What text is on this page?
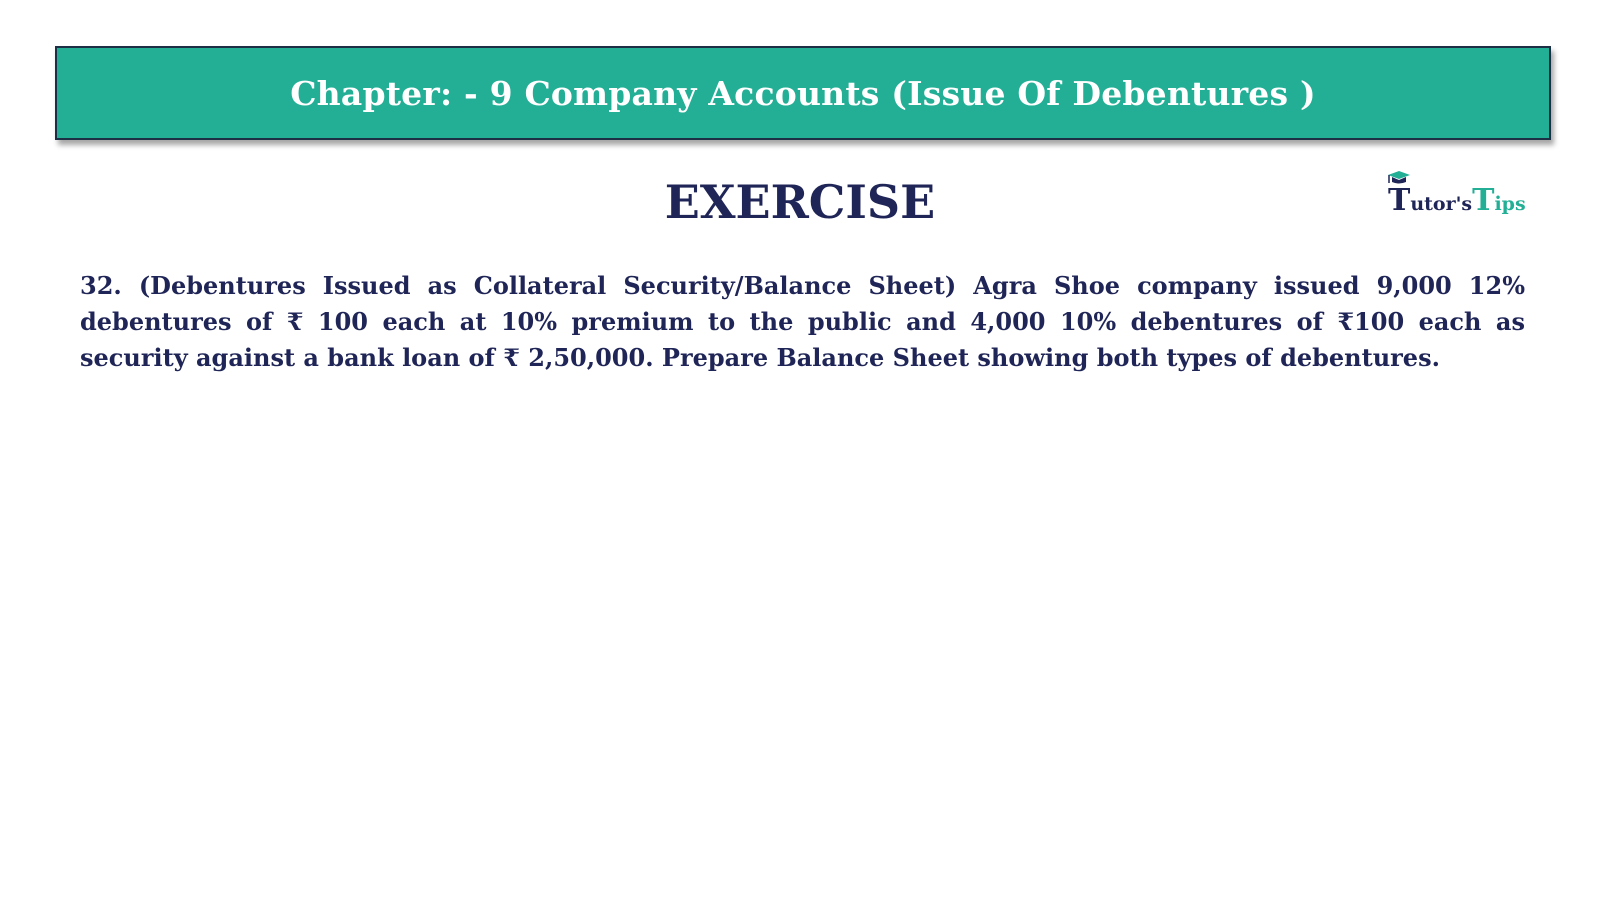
Chapter: - 9 Company Accounts (Issue Of Debentures )
EXERCISE	Tutor'sTips

32. (Debentures Issued as Collateral Security/Balance Sheet) Agra Shoe company issued 9,000 12% debentures of ₹ 100 each at 10% premium to the public and 4,000 10% debentures of ₹100 each as security against a bank loan of ₹ 2,50,000. Prepare Balance Sheet showing both types of debentures.
